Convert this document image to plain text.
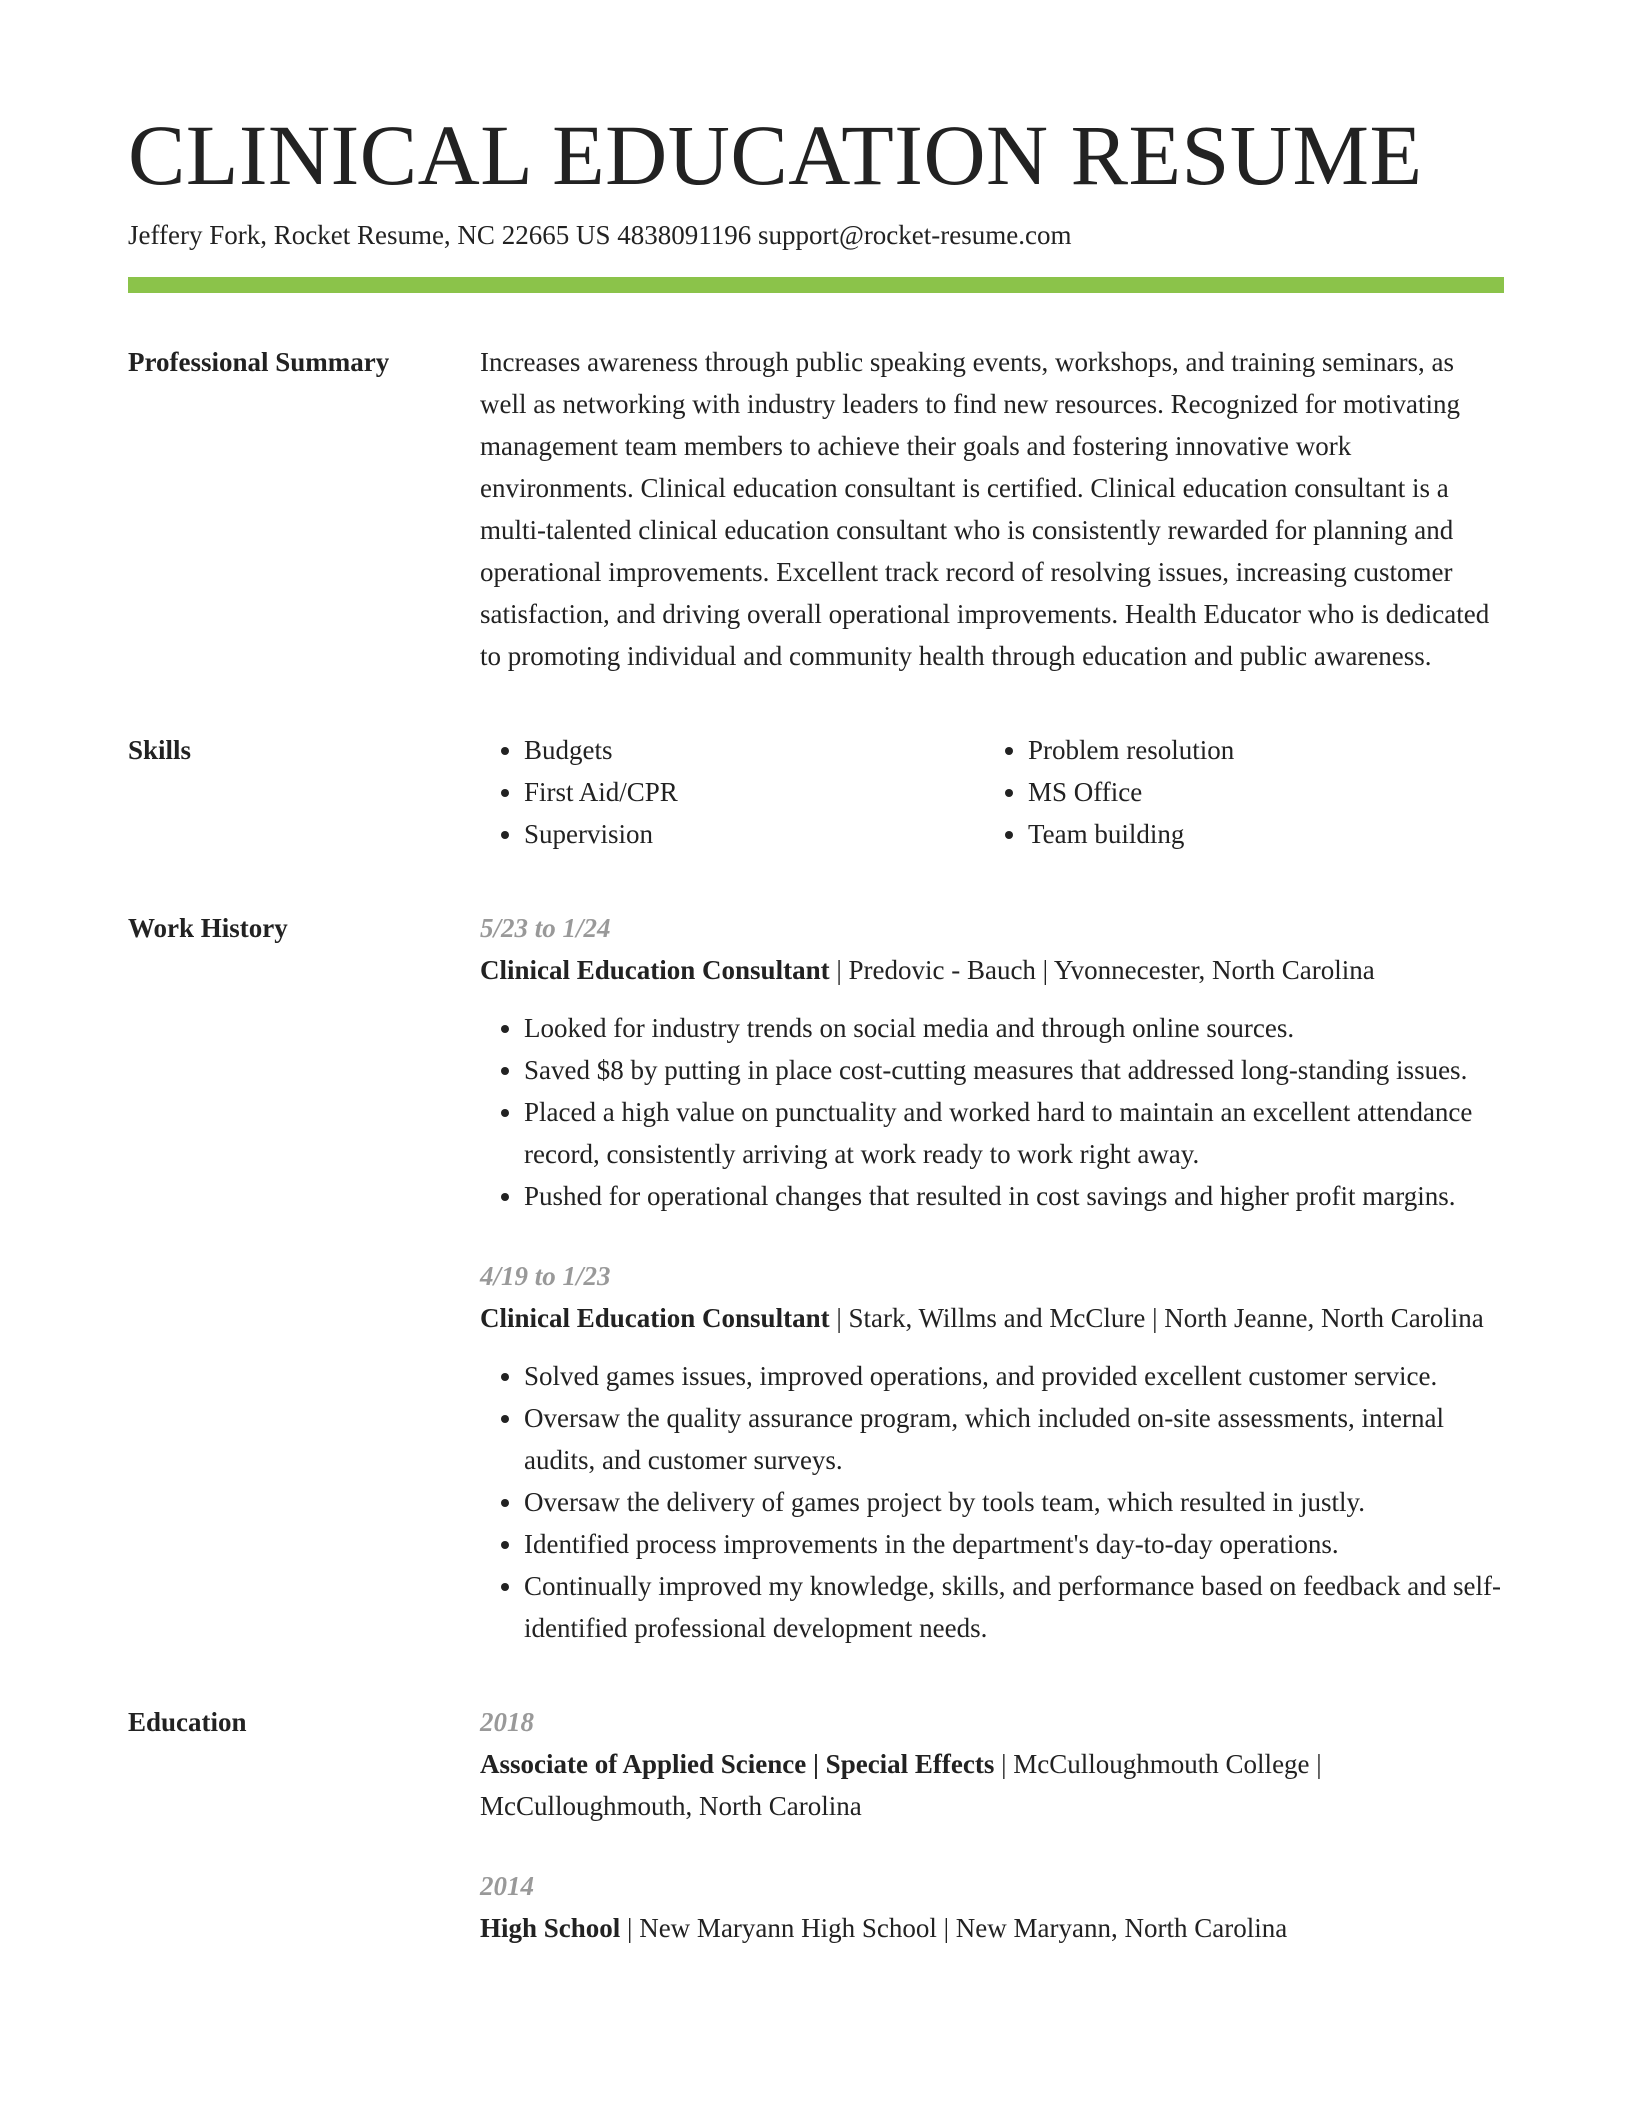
CLINICAL EDUCATION RESUME
Jeffery Fork, Rocket Resume, NC 22665 US 4838091196 support@rocket-resume.com
Professional Summary	Increases awareness through public speaking events, workshops, and training seminars, as well as networking with industry leaders to find new resources. Recognized for motivating management team members to achieve their goals and fostering innovative work environments. Clinical education consultant is certified. Clinical education consultant is a multi-talented clinical education consultant who is consistently rewarded for planning and operational improvements. Excellent track record of resolving issues, increasing customer satisfaction, and driving overall operational improvements. Health Educator who is dedicated to promoting individual and community health through education and public awareness.

Skills
•	Budgets
• First Aid/CPR
• Supervision
• Problem resolution
• MS Office
• Team building
Work History	5/23 to 1/24
Clinical Education Consultant | Predovic - Bauch | Yvonnecester, North Carolina
• Looked for industry trends on social media and through online sources.
• Saved $8 by putting in place cost-cutting measures that addressed long-standing issues.
• Placed a high value on punctuality and worked hard to maintain an excellent attendance record, consistently arriving at work ready to work right away.
• Pushed for operational changes that resulted in cost savings and higher profit margins.
4/19 to 1/23
Clinical Education Consultant | Stark, Willms and McClure | North Jeanne, North Carolina
• Solved games issues, improved operations, and provided excellent customer service.
• Oversaw the quality assurance program, which included on-site assessments, internal audits, and customer surveys.
• Oversaw the delivery of games project by tools team, which resulted in justly.
• Identified process improvements in the department's day-to-day operations.
• Continually improved my knowledge, skills, and performance based on feedback and self-identified professional development needs.
Education	2018
Associate of Applied Science | Special Effects | McCulloughmouth College | McCulloughmouth, North Carolina
2014
High School | New Maryann High School | New Maryann, North Carolina
